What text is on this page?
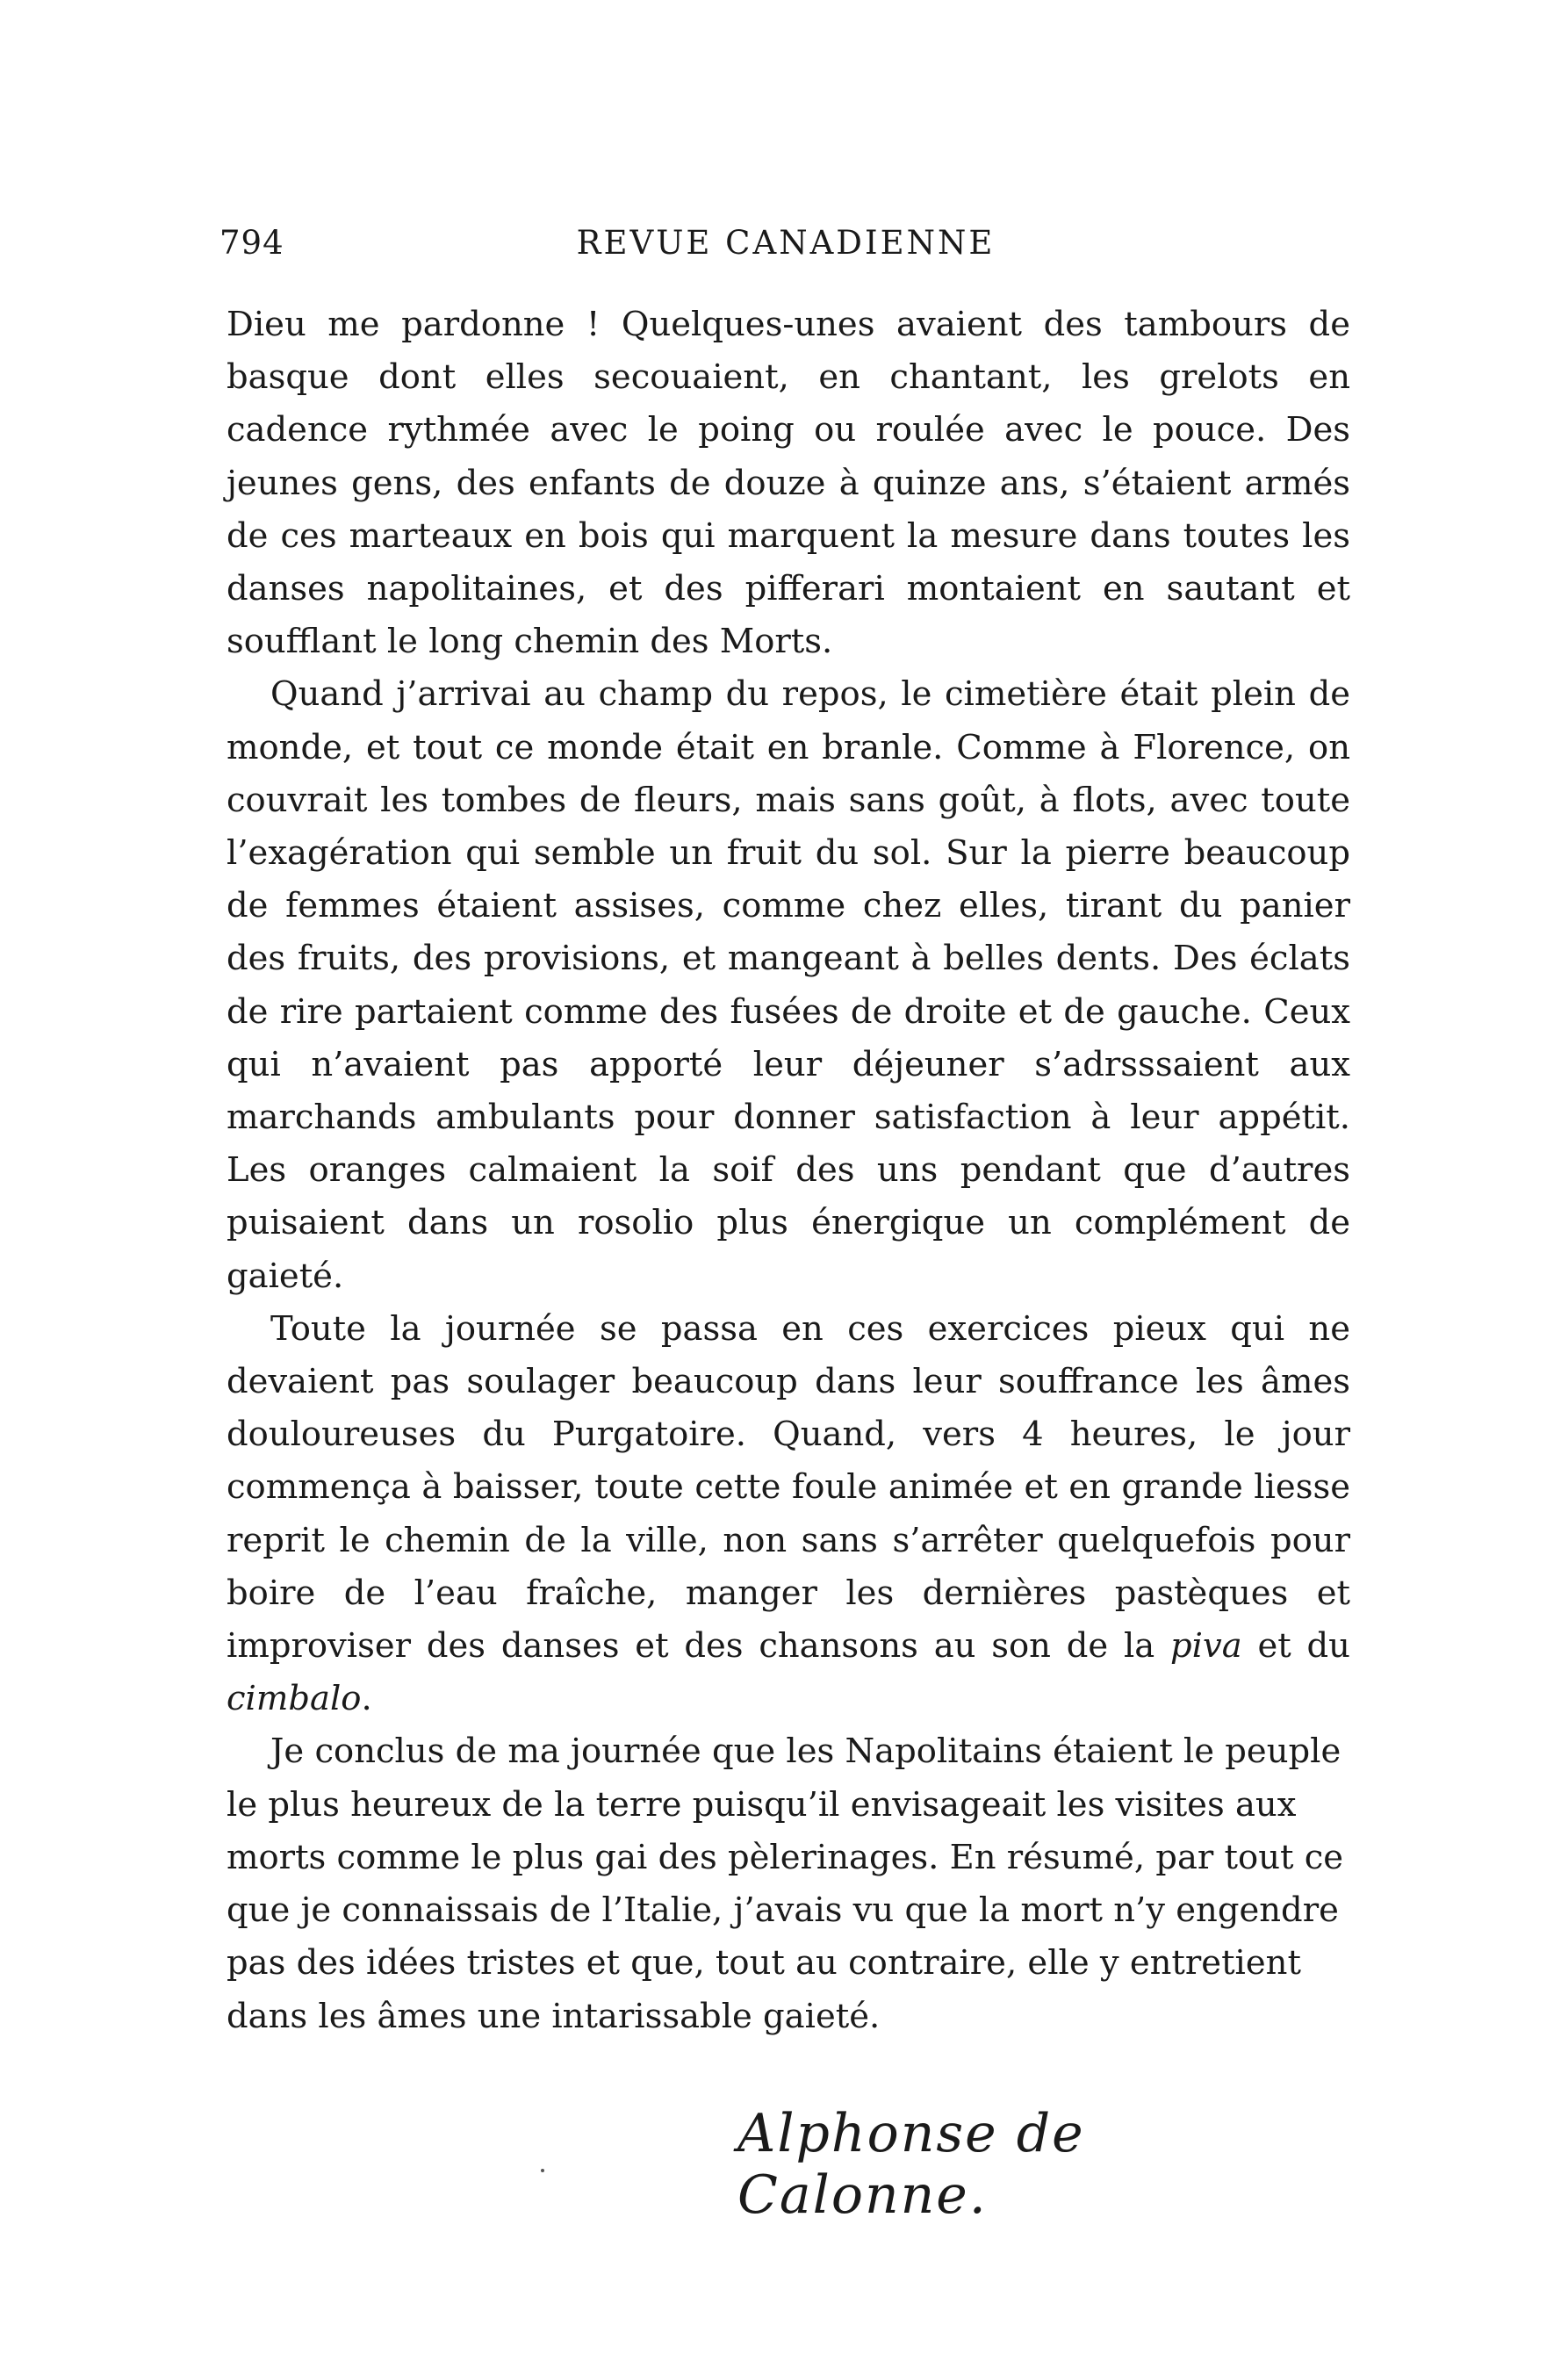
794	REVUE CANADIENNE

Dieu me pardonne ! Quelques-unes avaient des tambours de basque dont elles secouaient, en chantant, les grelots en cadence rythmée avec le poing ou roulée avec le pouce. Des jeunes gens, des enfants de douze à quinze ans, s’étaient armés de ces marteaux en bois qui marquent la mesure dans toutes les danses napolitaines, et des pifferari montaient en sautant et soufflant le long chemin des Morts.

Quand j’arrivai au champ du repos, le cimetière était plein de monde, et tout ce monde était en branle. Comme à Florence, on couvrait les tombes de fleurs, mais sans goût, à flots, avec toute l’exagération qui semble un fruit du sol. Sur la pierre beaucoup de femmes étaient assises, comme chez elles, tirant du panier des fruits, des provisions, et mangeant à belles dents. Des éclats de rire partaient comme des fusées de droite et de gauche. Ceux qui n’avaient pas apporté leur déjeuner s’adrsssaient aux marchands ambulants pour donner satisfaction à leur appétit. Les oranges calmaient la soif des uns pendant que d’autres puisaient dans un rosolio plus énergique un complément de gaieté.

Toute la journée se passa en ces exercices pieux qui ne devaient pas soulager beaucoup dans leur souffrance les âmes douloureuses du Purgatoire. Quand, vers 4 heures, le jour commença à baisser, toute cette foule animée et en grande liesse reprit le chemin de la ville, non sans s’arrêter quelquefois pour boire de l’eau fraîche, manger les dernières pastèques et improviser des danses et des chansons au son de la piva et du cimbalo.

Je conclus de ma journée que les Napolitains étaient le peuple le plus heureux de la terre puisqu’il envisageait les visites aux morts comme le plus gai des pèlerinages. En résumé, par tout ce que je connaissais de l’Italie, j’avais vu que la mort n’y engendre pas des idées tristes et que, tout au contraire, elle y entretient dans les âmes une intarissable gaieté.

Alphonse de Calonne.
